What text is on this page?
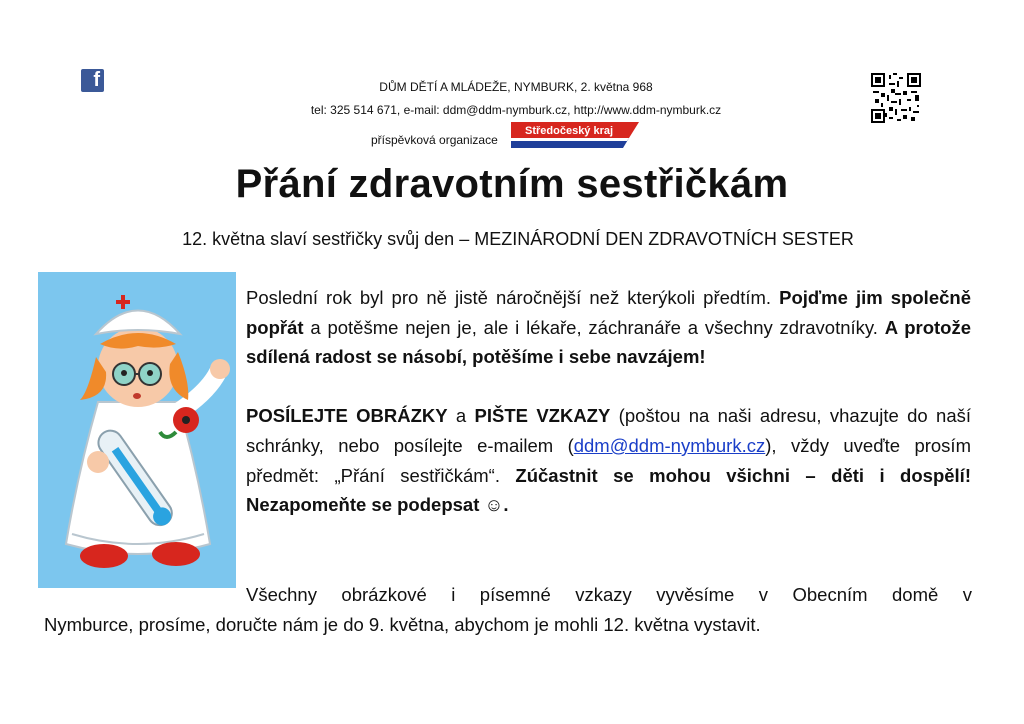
f	DŮM DĚTÍ A MLÁDEŽE, NYMBURK, 2. května 968
tel: 325 514 671, e-mail: ddm@ddm-nymburk.cz, http://www.ddm-nymburk.cz
příspěvková organizace
Středočeský kraj
Přání zdravotním sestřičkám
12. května slaví sestřičky svůj den – MEZINÁRODNÍ DEN ZDRAVOTNÍCH SESTER

Poslední rok byl pro ně jistě náročnější než kterýkoli předtím. Pojďme jim společně popřát a potěšme nejen je, ale i lékaře, záchranáře a všechny zdravotníky. A protože sdílená radost se násobí, potěšíme i sebe navzájem!

POSÍLEJTE OBRÁZKY a PIŠTE VZKAZY (poštou na naši adresu, vhazujte do naší schránky, nebo posílejte e-mailem (ddm@ddm-nymburk.cz), vždy uveďte prosím předmět: „Přání sestřičkám“. Zúčastnit se mohou všichni – děti i dospělí! Nezapomeňte se podepsat ☺.

Všechny obrázkové i písemné vzkazy vyvěsíme v Obecním domě v
Nymburce, prosíme, doručte nám je do 9. května, abychom je mohli 12. května vystavit.
